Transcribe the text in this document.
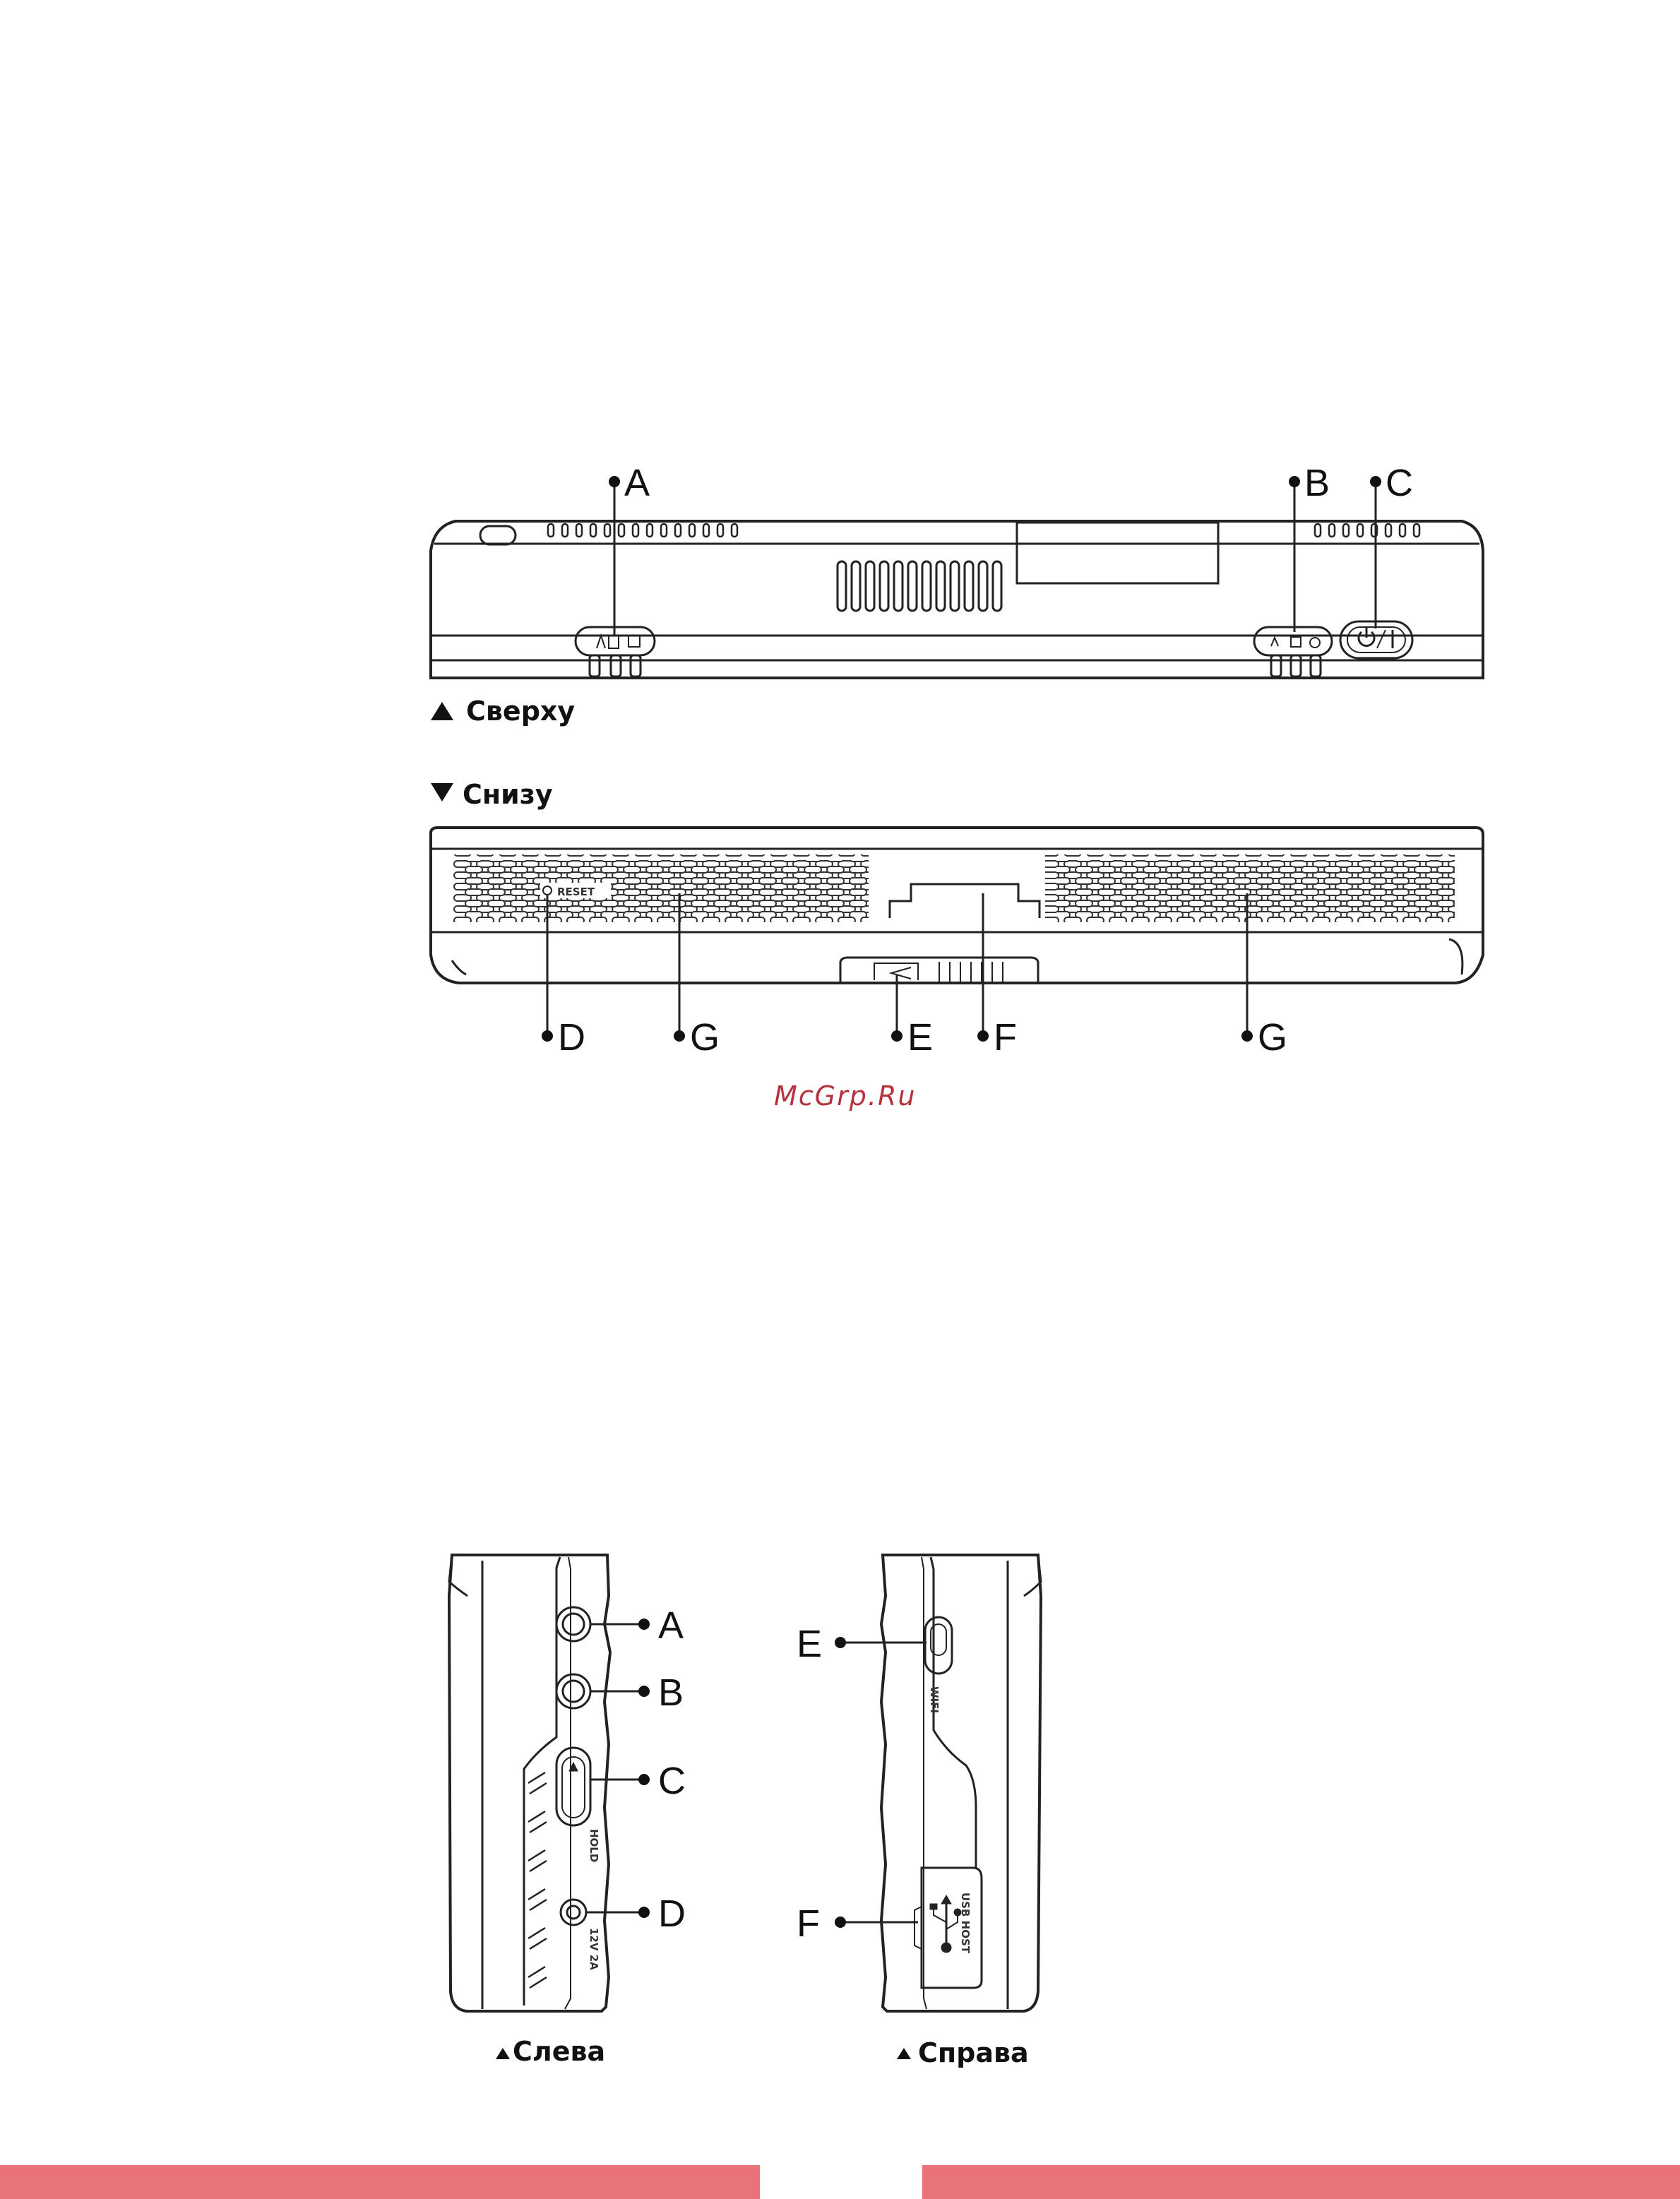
A	B C
Сверху
Снизу
RESET
D	G	E F	G
HOLD
12V 2A
A
B
C
D
Слева
WIFI
USB HOST
E
F
Справа
McGrp.Ru
